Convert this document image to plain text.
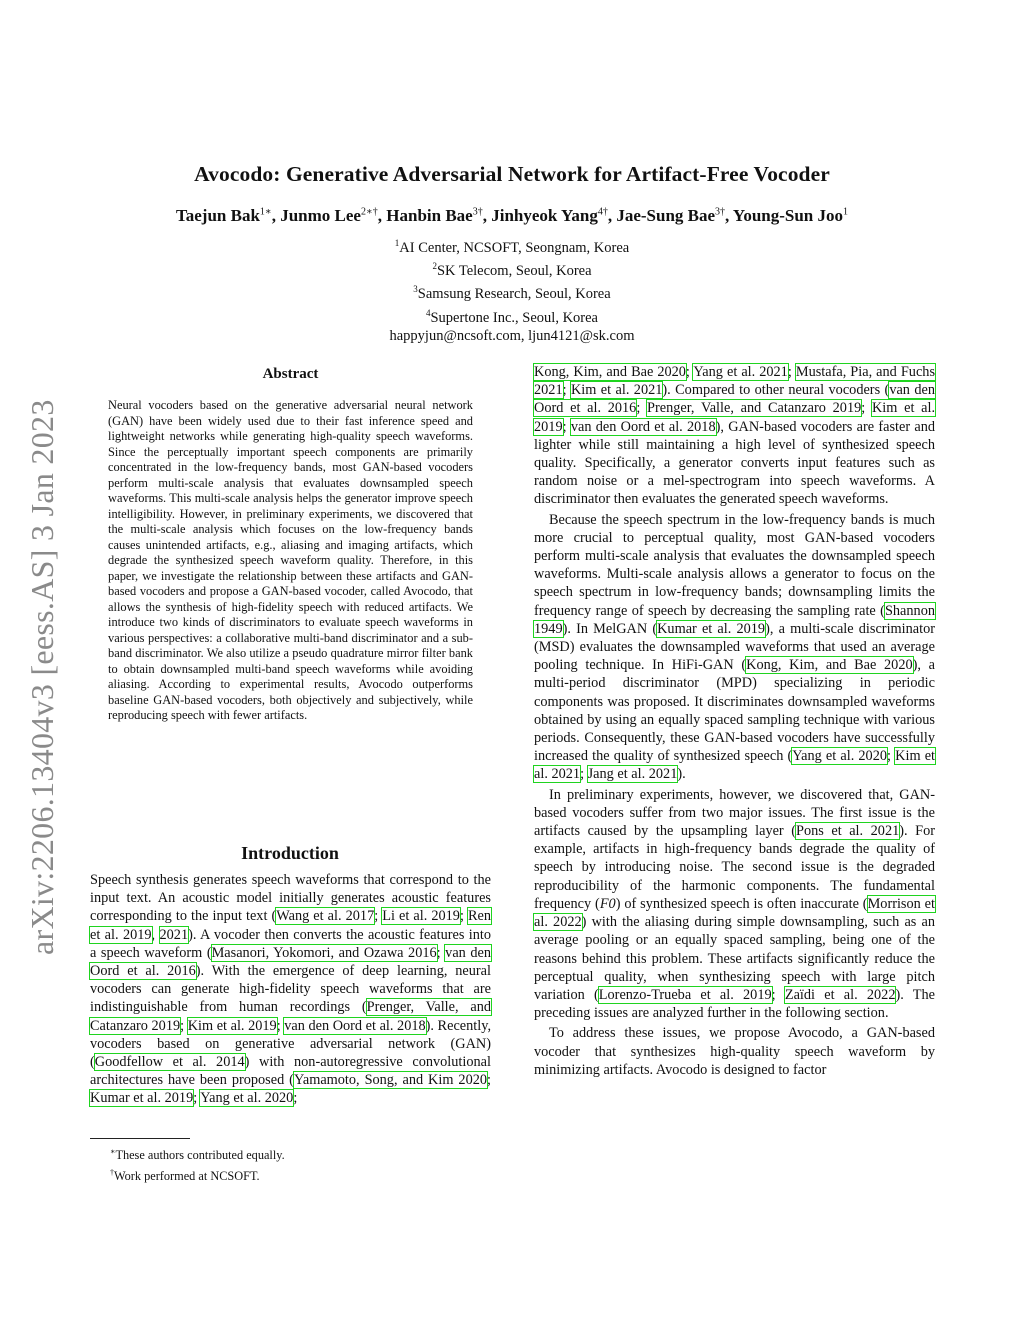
arXiv:2206.13404v3 [eess.AS] 3 Jan 2023
Avocodo: Generative Adversarial Network for Artifact-Free Vocoder
Taejun Bak$^{1∗}$, Junmo Lee$^{2∗\dagger}$, Hanbin Bae$^{3\dagger}$, Jinhyeok Yang$^{4\dagger}$, Jae-Sung Bae$^{3\dagger}$, Young-Sun Joo$^1$
$^1$AI Center, NCSOFT, Seongnam, Korea
$^2$SK Telecom, Seoul, Korea
$^3$Samsung Research, Seoul, Korea
$^4$Supertone Inc., Seoul, Korea
happyjun@ncsoft.com, ljun4121@sk.com
Abstract
Neural vocoders based on the generative adversarial neural network (GAN) have been widely used due to their fast inference speed and lightweight networks while generating high-quality speech waveforms. Since the perceptually important speech components are primarily concentrated in the low-frequency bands, most GAN-based vocoders perform multi-scale analysis that evaluates downsampled speech waveforms. This multi-scale analysis helps the generator improve speech intelligibility. However, in preliminary experiments, we discovered that the multi-scale analysis which focuses on the low-frequency bands causes unintended artifacts, e.g., aliasing and imaging artifacts, which degrade the synthesized speech waveform quality. Therefore, in this paper, we investigate the relationship between these artifacts and GAN-based vocoders and propose a GAN-based vocoder, called Avocodo, that allows the synthesis of high-fidelity speech with reduced artifacts. We introduce two kinds of discriminators to evaluate speech waveforms in various perspectives: a collaborative multi-band discriminator and a sub-band discriminator. We also utilize a pseudo quadrature mirror filter bank to obtain downsampled multi-band speech waveforms while avoiding aliasing. According to experimental results, Avocodo outperforms baseline GAN-based vocoders, both objectively and subjectively, while reproducing speech with fewer artifacts.
Introduction
Speech synthesis generates speech waveforms that correspond to the input text. An acoustic model initially generates acoustic features corresponding to the input text (Wang et al. 2017; Li et al. 2019; Ren et al. 2019, 2021). A vocoder then converts the acoustic features into a speech waveform (Masanori, Yokomori, and Ozawa 2016; van den Oord et al. 2016). With the emergence of deep learning, neural vocoders can generate high-fidelity speech waveforms that are indistinguishable from human recordings (Prenger, Valle, and Catanzaro 2019; Kim et al. 2019; van den Oord et al. 2018). Recently, vocoders based on generative adversarial network (GAN) (Goodfellow et al. 2014) with non-autoregressive convolutional architectures have been proposed (Yamamoto, Song, and Kim 2020; Kumar et al. 2019; Yang et al. 2020;
∗These authors contributed equally.
†Work performed at NCSOFT.

Kong, Kim, and Bae 2020; Yang et al. 2021; Mustafa, Pia, and Fuchs 2021; Kim et al. 2021). Compared to other neural vocoders (van den Oord et al. 2016; Prenger, Valle, and Catanzaro 2019; Kim et al. 2019; van den Oord et al. 2018), GAN-based vocoders are faster and lighter while still maintaining a high level of synthesized speech quality. Specifically, a generator converts input features such as random noise or a mel-spectrogram into speech waveforms. A discriminator then evaluates the generated speech waveforms.

Because the speech spectrum in the low-frequency bands is much more crucial to perceptual quality, most GAN-based vocoders perform multi-scale analysis that evaluates the downsampled speech waveforms. Multi-scale analysis allows a generator to focus on the speech spectrum in low-frequency bands; downsampling limits the frequency range of speech by decreasing the sampling rate (Shannon 1949). In MelGAN (Kumar et al. 2019), a multi-scale discriminator (MSD) evaluates the downsampled waveforms that used an average pooling technique. In HiFi-GAN (Kong, Kim, and Bae 2020), a multi-period discriminator (MPD) specializing in periodic components was proposed. It discriminates downsampled waveforms obtained by using an equally spaced sampling technique with various periods. Consequently, these GAN-based vocoders have successfully increased the quality of synthesized speech (Yang et al. 2020; Kim et al. 2021; Jang et al. 2021).

In preliminary experiments, however, we discovered that, GAN-based vocoders suffer from two major issues. The first issue is the artifacts caused by the upsampling layer (Pons et al. 2021). For example, artifacts in high-frequency bands degrade the quality of speech by introducing noise. The second issue is the degraded reproducibility of the harmonic components. The fundamental frequency (F0) of synthesized speech is often inaccurate (Morrison et al. 2022) with the aliasing during simple downsampling, such as an average pooling or an equally spaced sampling, being one of the reasons behind this problem. These artifacts significantly reduce the perceptual quality, when synthesizing speech with large pitch variation (Lorenzo-Trueba et al. 2019; Zaïdi et al. 2022). The preceding issues are analyzed further in the following section.

To address these issues, we propose Avocodo, a GAN-based vocoder that synthesizes high-quality speech waveform by minimizing artifacts. Avocodo is designed to factor
